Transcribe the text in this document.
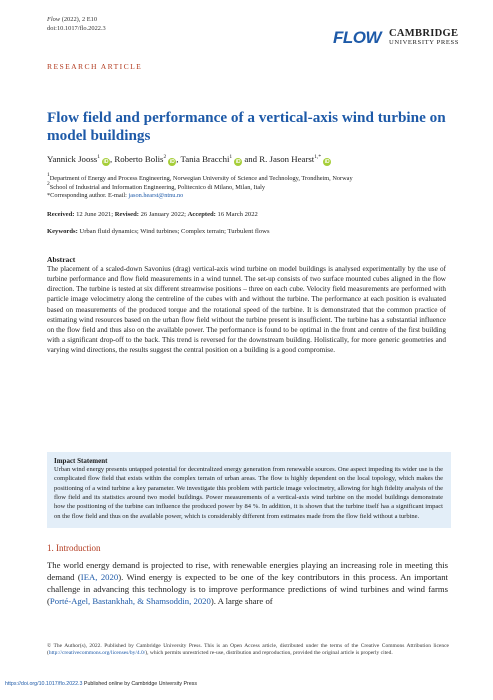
Flow (2022), 2 E10
doi:10.1017/flo.2022.3	FLOW CAMBRIDGE
UNIVERSITY PRESS
RESEARCH ARTICLE
Flow field and performance of a vertical-axis wind turbine on model buildings
Yannick Jooss$^1$iD , Roberto Bolis$^2$iD , Tania Bracchi$^1$iD and R. Jason Hearst$^{1,*}$iD
$^1$Department of Energy and Process Engineering, Norwegian University of Science and Technology, Trondheim, Norway
$^2$School of Industrial and Information Engineering, Politecnico di Milano, Milan, Italy
*Corresponding author. E-mail: jason.hearst@ntnu.no
Received: 12 June 2021; Revised: 26 January 2022; Accepted: 16 March 2022
Keywords: Urban fluid dynamics; Wind turbines; Complex terrain; Turbulent flows
Abstract
The placement of a scaled-down Savonius (drag) vertical-axis wind turbine on model buildings is analysed experimentally by the use of turbine performance and flow field measurements in a wind tunnel. The set-up consists of two surface mounted cubes aligned in the flow direction. The turbine is tested at six different streamwise positions – three on each cube. Velocity field measurements are performed with particle image velocimetry along the centreline of the cubes with and without the turbine. The performance at each position is evaluated based on measurements of the produced torque and the rotational speed of the turbine. It is demonstrated that the common practice of estimating wind resources based on the urban flow field without the turbine present is insufficient. The turbine has a substantial influence on the flow field and thus also on the available power. The performance is found to be optimal in the front and centre of the first building with a significant drop-off to the back. This trend is reversed for the downstream building. Holistically, for more generic geometries and varying wind directions, the results suggest the central position on a building is a good compromise.
Impact Statement
Urban wind energy presents untapped potential for decentralized energy generation from renewable sources. One aspect impeding its wider use is the complicated flow field that exists within the complex terrain of urban areas. The flow is highly dependent on the local topology, which makes the positioning of a wind turbine a key parameter. We investigate this problem with particle image velocimetry, allowing for high fidelity analysis of the flow field and its statistics around two model buildings. Power measurements of a vertical-axis wind turbine on the model buildings demonstrate how the positioning of the turbine can influence the produced power by 84 %. In addition, it is shown that the turbine itself has a significant impact on the flow field and thus on the available power, which is considerably different from estimates made from the flow field without a turbine.
1. Introduction
The world energy demand is projected to rise, with renewable energies playing an increasing role in meeting this demand (IEA, 2020). Wind energy is expected to be one of the key contributors in this process. An important challenge in advancing this technology is to improve performance predictions of wind turbines and wind farms (Porté-Agel, Bastankhah, & Shamsoddin, 2020). A large share of
© The Author(s), 2022. Published by Cambridge University Press. This is an Open Access article, distributed under the terms of the Creative Commons Attribution licence (http://creativecommons.org/licenses/by/4.0/), which permits unrestricted re-use, distribution and reproduction, provided the original article is properly cited.
https://doi.org/10.1017/flo.2022.3 Published online by Cambridge University Press
